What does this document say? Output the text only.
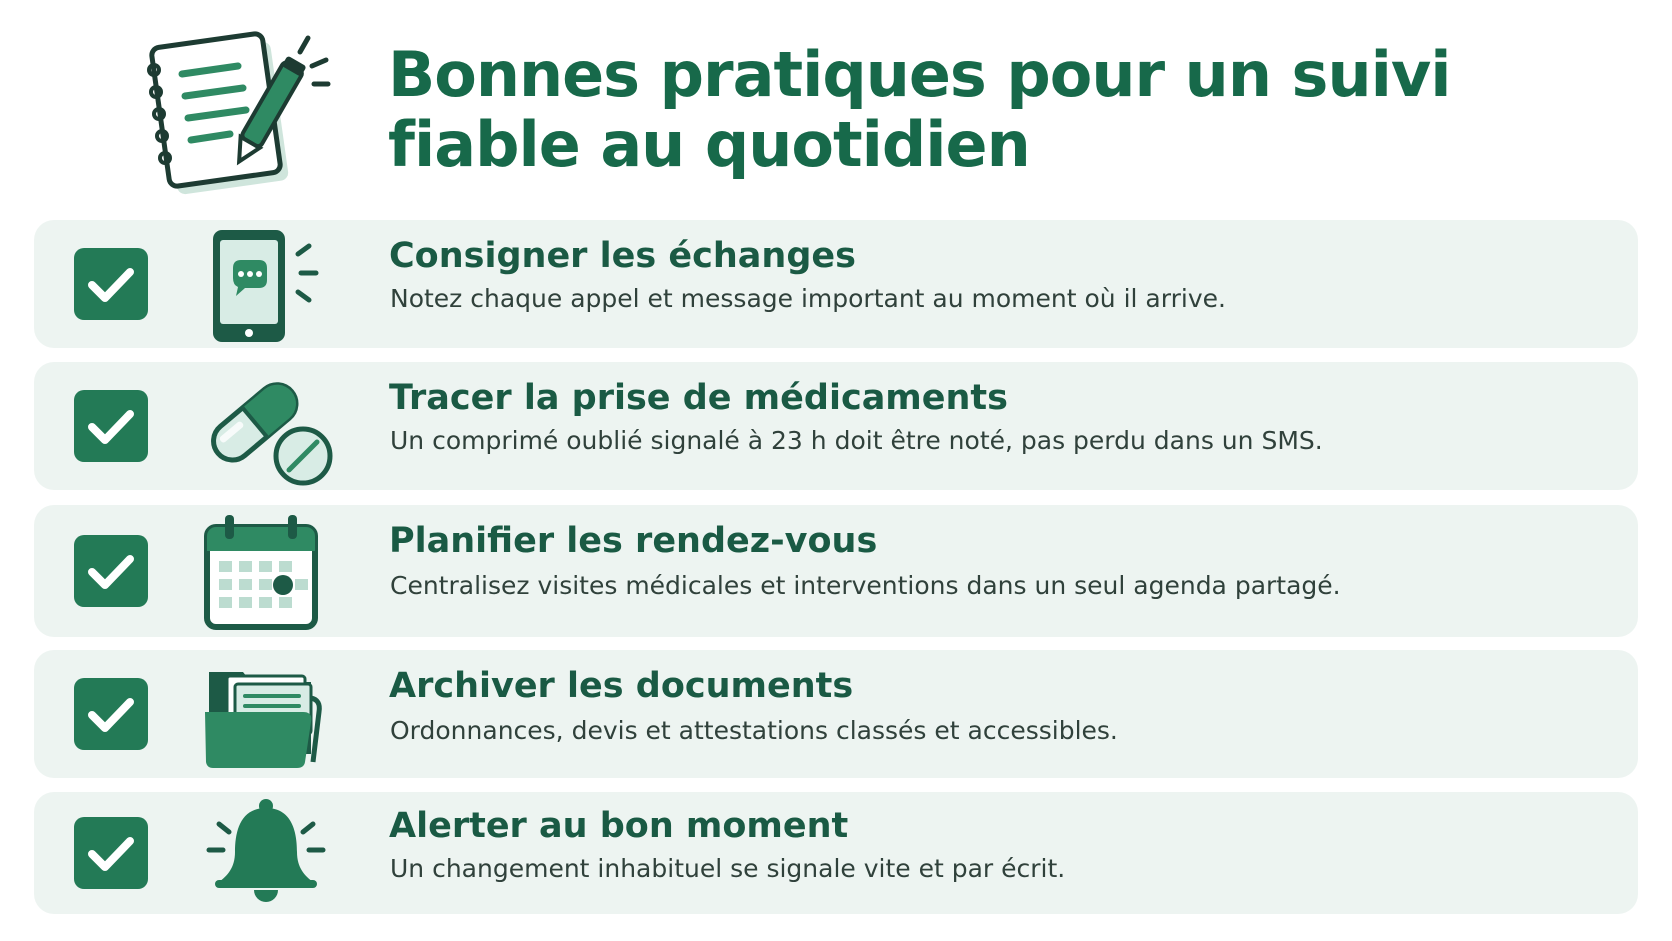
Bonnes pratiques pour un suivi fiable au quotidien
Consigner les échanges

Notez chaque appel et message important au moment où il arrive.

Tracer la prise de médicaments

Un comprimé oublié signalé à 23 h doit être noté, pas perdu dans un SMS.

Planifier les rendez-vous

Centralisez visites médicales et interventions dans un seul agenda partagé.

Archiver les documents

Ordonnances, devis et attestations classés et accessibles.

Alerter au bon moment

Un changement inhabituel se signale vite et par écrit.
